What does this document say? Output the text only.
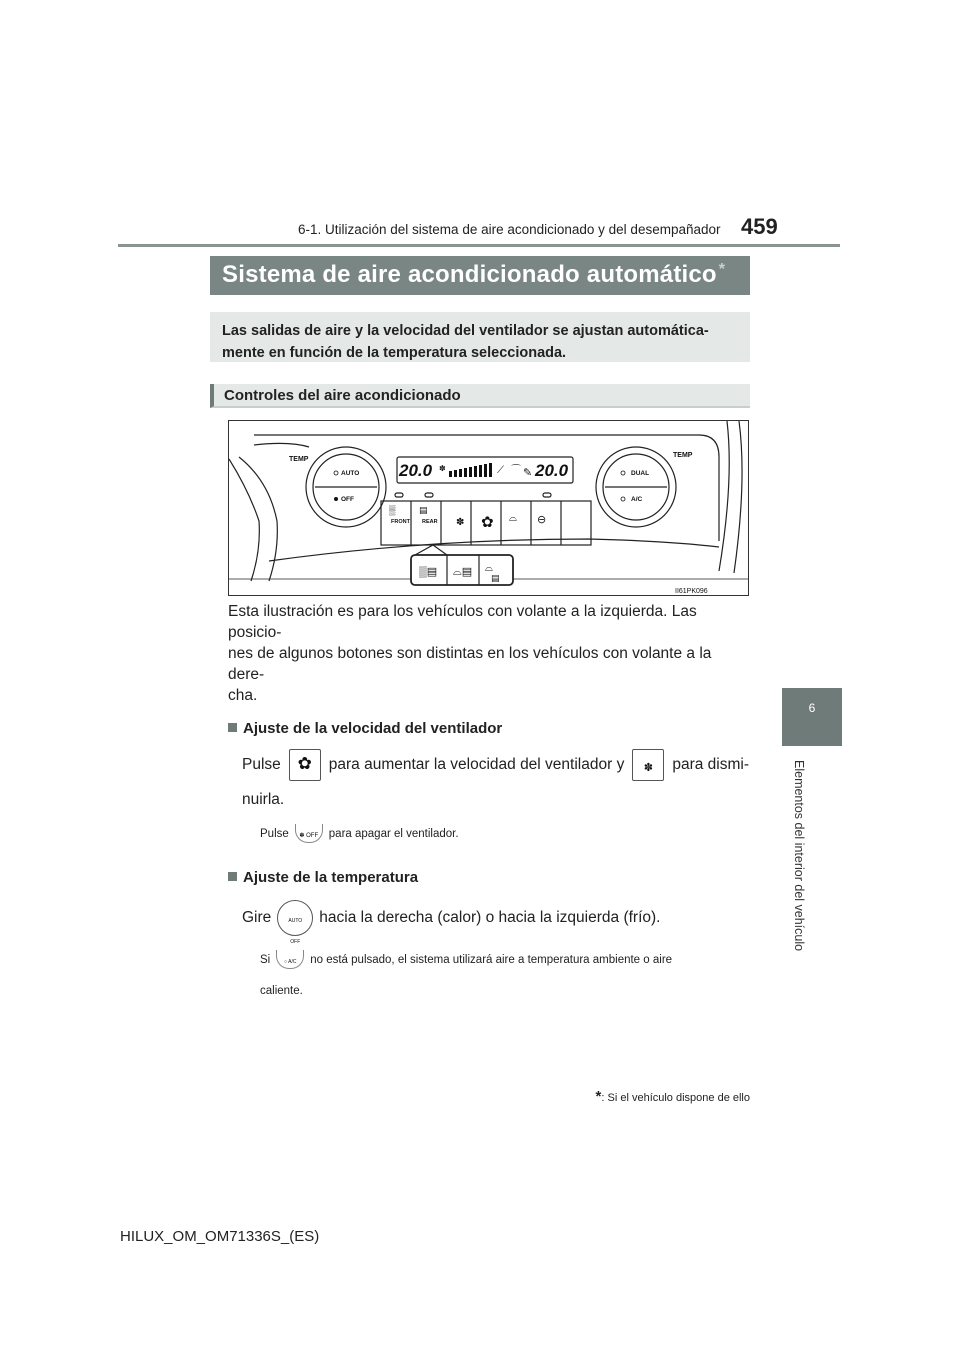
6-1. Utilización del sistema de aire acondicionado y del desempañador 459
6
Elementos del interior del vehículo
Sistema de aire acondicionado automático *
Las salidas de aire y la velocidad del ventilador se ajustan automática-
mente en función de la temperatura seleccionada.
Controles del aire acondicionado
TEMP
TEMP
AUTO
OFF
DUAL
A/C
20.0	20.0
FRONT REAR
II61PK096
⟋ ⌒ ✎
✽
✽ ✿ ⌓ ⊖
▒	▤
▒▤ ⌓▤ ⌓
▤
Esta ilustración es para los vehículos con volante a la izquierda. Las posicio-
nes de algunos botones son distintas en los vehículos con volante a la dere-
cha.
Ajuste de la velocidad del ventilador
Pulse ✿	para aumentar la velocidad del ventilador y	✽	para dismi-
nuirla.
Pulse	✽ OFF para apagar el ventilador.
Ajuste de la temperatura
Gire	AUTO
OFF
hacia la derecha (calor) o hacia la izquierda (frío).
Si	○ A/C	no está pulsado, el sistema utilizará aire a temperatura ambiente o aire
caliente.
*: Si el vehículo dispone de ello
HILUX_OM_OM71336S_(ES)
